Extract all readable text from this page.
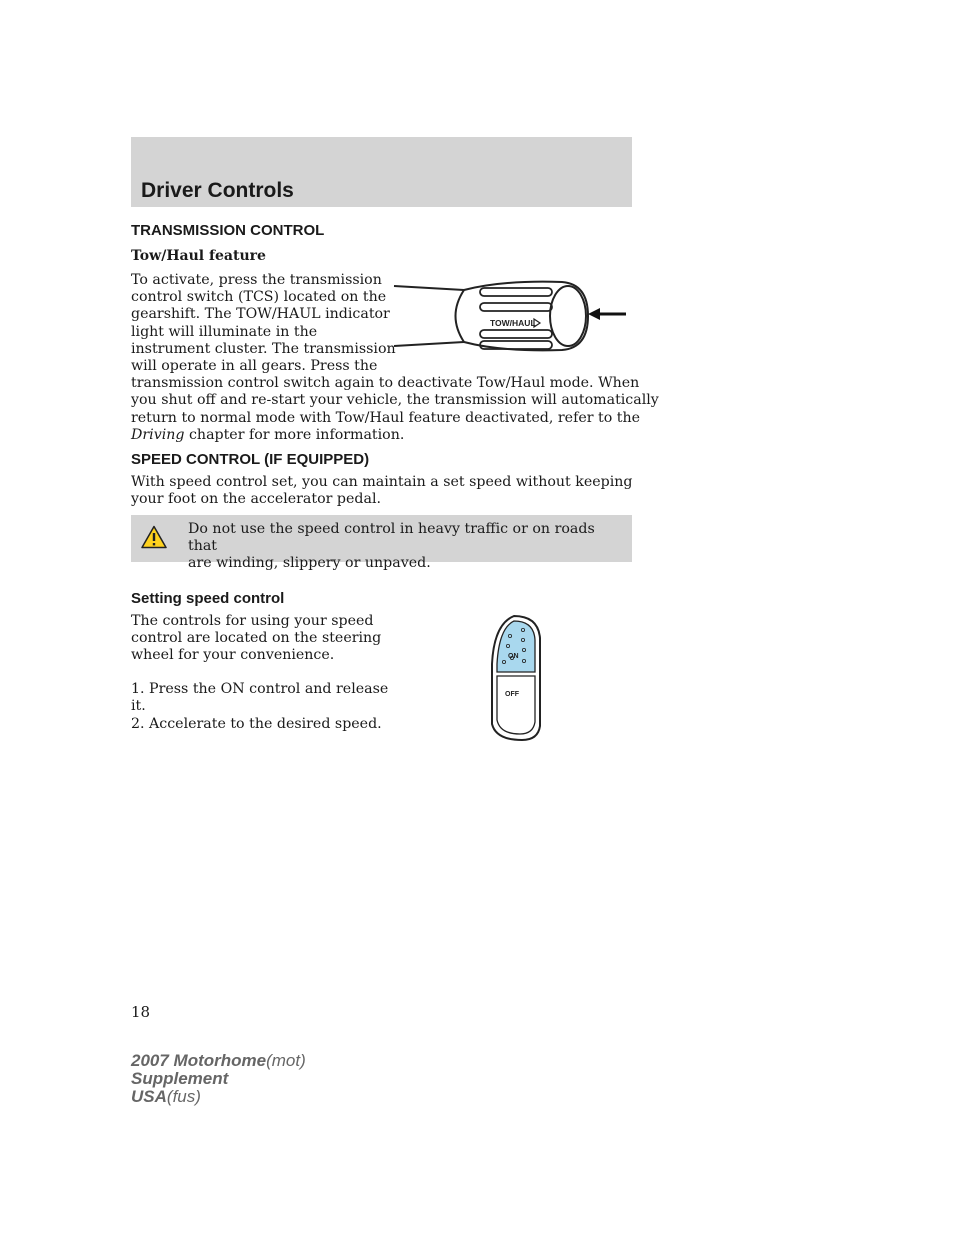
Driver Controls
TRANSMISSION CONTROL
Tow/Haul feature
To activate, press the transmission
control switch (TCS) located on the
gearshift. The TOW/HAUL indicator
light will illuminate in the
instrument cluster. The transmission
will operate in all gears. Press the
transmission control switch again to deactivate Tow/Haul mode. When
you shut off and re-start your vehicle, the transmission will automatically
return to normal mode with Tow/Haul feature deactivated, refer to the
Driving chapter for more information.
TOW/HAUL
SPEED CONTROL (IF EQUIPPED)
With speed control set, you can maintain a set speed without keeping
your foot on the accelerator pedal.
Do not use the speed control in heavy traffic or on roads that
are winding, slippery or unpaved.
Setting speed control
The controls for using your speed
control are located on the steering
wheel for your convenience.
1. Press the ON control and release
it.
2. Accelerate to the desired speed.
ON
OFF
18
2007 Motorhome(mot)
Supplement
USA(fus)
